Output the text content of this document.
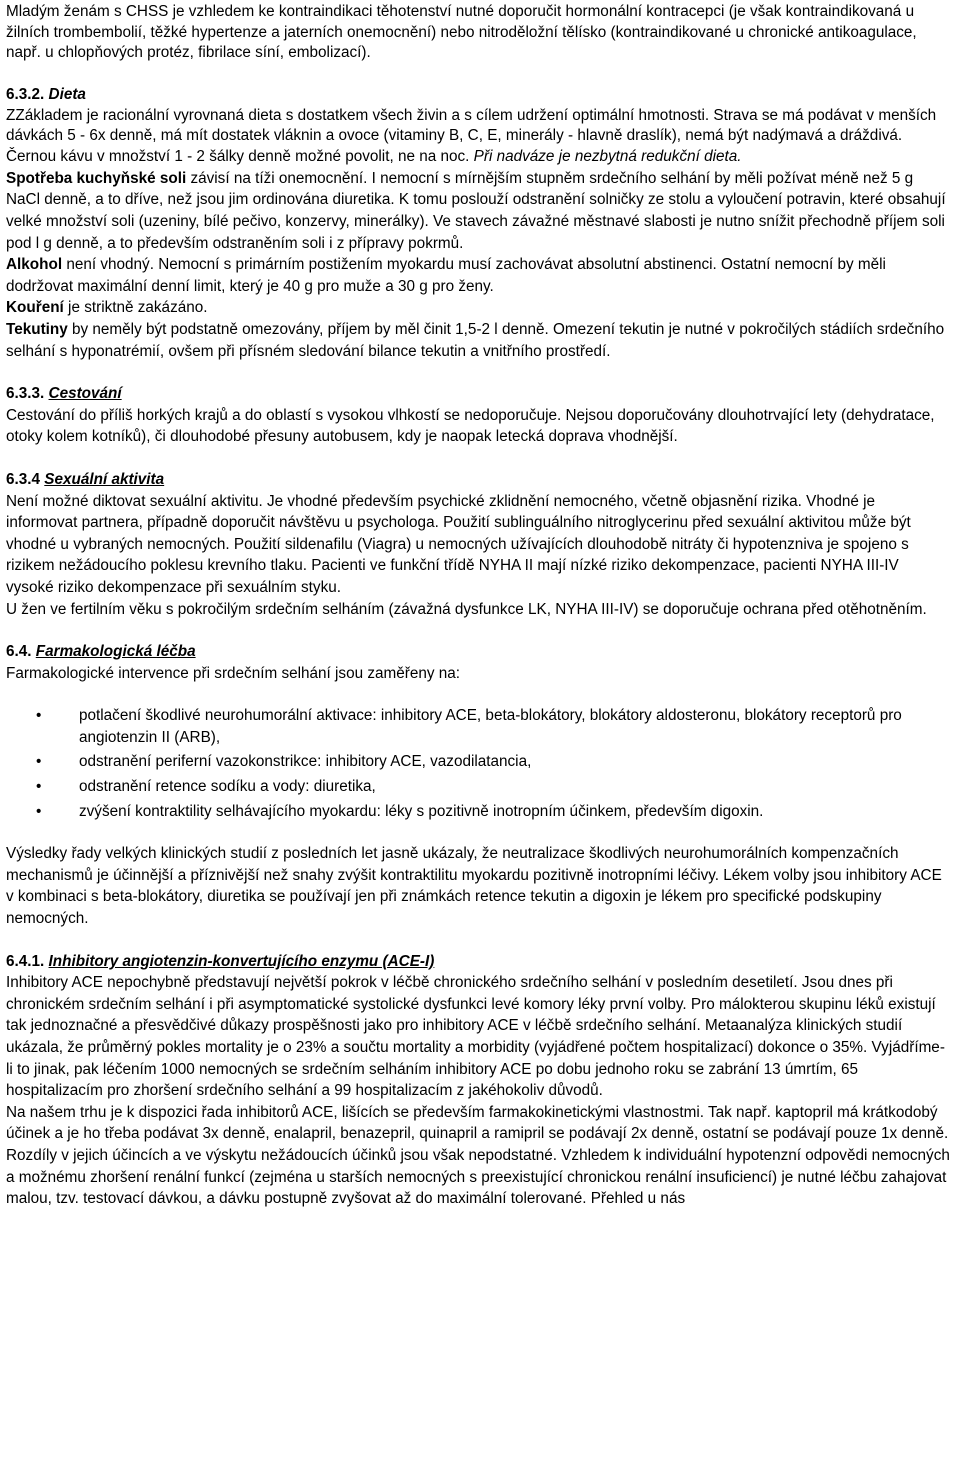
Mladým ženám s CHSS je vzhledem ke kontraindikaci těhotenství nutné doporučit hormonální kontracepci (je však kontraindikovaná u žilních trombembolií, těžké hypertenze a jaterních onemocnění) nebo nitroděložní tělísko (kontraindikované u chronické antikoagulace, např. u chlopňových protéz, fibrilace síní, embolizací).

6.3.2. Dieta

ZZákladem je racionální vyrovnaná dieta s dostatkem všech živin a s cílem udržení optimální hmotnosti. Strava se má podávat v menších dávkách 5 - 6x denně, má mít dostatek vláknin a ovoce (vitaminy B, C, E, minerály - hlavně draslík), nemá být nadýmavá a dráždivá. Černou kávu v množství 1 - 2 šálky denně možné povolit, ne na noc. Při nadváze je nezbytná redukční dieta.

Spotřeba kuchyňské soli závisí na tíži onemocnění. I nemocní s mírnějším stupněm srdečního selhání by měli požívat méně než 5 g NaCl denně, a to dříve, než jsou jim ordinována diuretika. K tomu poslouží odstranění solničky ze stolu a vyloučení potravin, které obsahují velké množství soli (uzeniny, bílé pečivo, konzervy, minerálky). Ve stavech závažné městnavé slabosti je nutno snížit přechodně příjem soli pod l g denně, a to především odstraněním soli i z přípravy pokrmů.

Alkohol není vhodný. Nemocní s primárním postižením myokardu musí zachovávat absolutní abstinenci. Ostatní nemocní by měli dodržovat maximální denní limit, který je 40 g pro muže a 30 g pro ženy.

Kouření je striktně zakázáno.

Tekutiny by neměly být podstatně omezovány, příjem by měl činit 1,5-2 l denně. Omezení tekutin je nutné v pokročilých stádiích srdečního selhání s hyponatrémií, ovšem při přísném sledování bilance tekutin a vnitřního prostředí.

6.3.3. Cestování

Cestování do příliš horkých krajů a do oblastí s vysokou vlhkostí se nedoporučuje. Nejsou doporučovány dlouhotrvající lety (dehydratace, otoky kolem kotníků), či dlouhodobé přesuny autobusem, kdy je naopak letecká doprava vhodnější.

6.3.4 Sexuální aktivita

Není možné diktovat sexuální aktivitu. Je vhodné především psychické zklidnění nemocného, včetně objasnění rizika. Vhodné je informovat partnera, případně doporučit návštěvu u psychologa. Použití sublinguálního nitroglycerinu před sexuální aktivitou může být vhodné u vybraných nemocných. Použití sildenafilu (Viagra) u nemocných užívajících dlouhodobě nitráty či hypotenzniva je spojeno s rizikem nežádoucího poklesu krevního tlaku. Pacienti ve funkční třídě NYHA II mají nízké riziko dekompenzace, pacienti NYHA III-IV vysoké riziko dekompenzace při sexuálním styku.

U žen ve fertilním věku s pokročilým srdečním selháním (závažná dysfunkce LK, NYHA III-IV) se doporučuje ochrana před otěhotněním.

6.4. Farmakologická léčba

Farmakologické intervence při srdečním selhání jsou zaměřeny na:

• potlačení škodlivé neurohumorální aktivace: inhibitory ACE, beta-blokátory, blokátory aldosteronu, blokátory receptorů pro angiotenzin II (ARB),
• odstranění periferní vazokonstrikce: inhibitory ACE, vazodilatancia,
• odstranění retence sodíku a vody: diuretika,
• zvýšení kontraktility selhávajícího myokardu: léky s pozitivně inotropním účinkem, především digoxin.

Výsledky řady velkých klinických studií z posledních let jasně ukázaly, že neutralizace škodlivých neurohumorálních kompenzačních mechanismů je účinnější a příznivější než snahy zvýšit kontraktilitu myokardu pozitivně inotropními léčivy. Lékem volby jsou inhibitory ACE v kombinaci s beta-blokátory, diuretika se používají jen při známkách retence tekutin a digoxin je lékem pro specifické podskupiny nemocných.

6.4.1. Inhibitory angiotenzin-konvertujícího enzymu (ACE-I)

Inhibitory ACE nepochybně představují největší pokrok v léčbě chronického srdečního selhání v posledním desetiletí. Jsou dnes při chronickém srdečním selhání i při asymptomatické systolické dysfunkci levé komory léky první volby. Pro málokterou skupinu léků existují tak jednoznačné a přesvědčivé důkazy prospěšnosti jako pro inhibitory ACE v léčbě srdečního selhání. Metaanalýza klinických studií ukázala, že průměrný pokles mortality je o 23% a součtu mortality a morbidity (vyjádřené počtem hospitalizací) dokonce o 35%. Vyjádříme-li to jinak, pak léčením 1000 nemocných se srdečním selháním inhibitory ACE po dobu jednoho roku se zabrání 13 úmrtím, 65 hospitalizacím pro zhoršení srdečního selhání a 99 hospitalizacím z jakéhokoliv důvodů.

Na našem trhu je k dispozici řada inhibitorů ACE, lišících se především farmakokinetickými vlastnostmi. Tak např. kaptopril má krátkodobý účinek a je ho třeba podávat 3x denně, enalapril, benazepril, quinapril a ramipril se podávají 2x denně, ostatní se podávají pouze 1x denně. Rozdíly v jejich účincích a ve výskytu nežádoucích účinků jsou však nepodstatné. Vzhledem k individuální hypotenzní odpovědi nemocných a možnému zhoršení renální funkcí (zejména u starších nemocných s preexistující chronickou renální insuficiencí) je nutné léčbu zahajovat malou, tzv. testovací dávkou, a dávku postupně zvyšovat až do maximální tolerované. Přehled u nás
